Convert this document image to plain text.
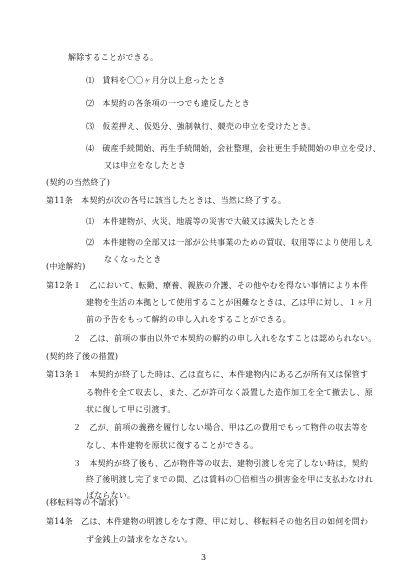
解除することができる。
⑴　賃料を〇〇ヶ月分以上怠ったとき
⑵　本契約の各条項の一つでも違反したとき
⑶　仮差押え、仮処分、強制執行、競売の申立を受けたとき。
⑷　破産手続開始、再生手続開始，会社整理，会社更生手続開始の申立を受け、
又は申立をなしたとき
(契約の当然終了)
第11条　本契約が次の各号に該当したときは、当然に終了する。
⑴　本件建物が、火災、地震等の災害で大破又は滅失したとき
⑵　本件建物の全部又は一部が公共事業のための買収、収用等により使用しえ
なくなったとき
(中途解約)
第12条１　乙において、転勤、療養、親族の介護、その他やむを得ない事情により本件
建物を生活の本拠として使用することが困難なときは、乙は甲に対し、１ヶ月
前の予告をもって解約の申し入れをすることができる。
２　乙は、前項の事由以外で本契約の解約の申し入れをなすことは認められない。
(契約終了後の措置)
第13条１　本契約が終了した時は、乙は直ちに、本件建物内にある乙が所有又は保管す
る物件を全て収去し、また、乙が許可なく設置した造作加工を全て撤去し、原
状に復して甲に引渡す。
２　乙が、前項の義務を履行しない場合、甲は乙の費用でもって物件の収去等を
なし、本件建物を原状に復することができる。
３　本契約が終了後も、乙が物件等の収去、建物引渡しを完了しない時は，契約
終了後明渡し完了までの間、乙は賃料の〇倍相当の損害金を甲に支払わなけれ
ばならない。
(移転料等の不請求)
第14条　乙は、本件建物の明渡しをなす際、甲に対し、移転料その他名目の如何を問わ
ず金銭上の請求をなさない。
3
